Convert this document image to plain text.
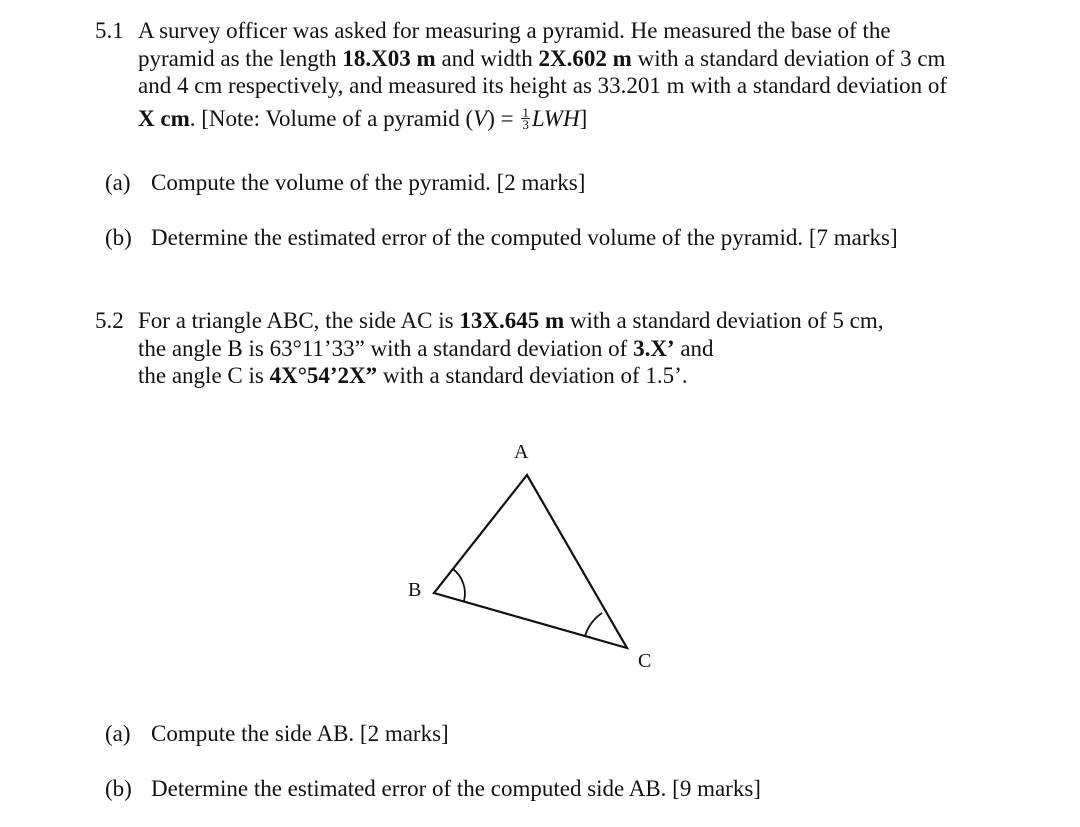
5.1 A survey officer was asked for measuring a pyramid. He measured the base of the
pyramid as the length 18.X03 m and width 2X.602 m with a standard deviation of 3 cm
and 4 cm respectively, and measured its height as 33.201 m with a standard deviation of
X cm. [Note: Volume of a pyramid $(V) = \frac{1}{3} LWH$]
(a) Compute the volume of the pyramid. [2 marks]
(b) Determine the estimated error of the computed volume of the pyramid. [7 marks]
5.2 For a triangle ABC, the side AC is 13X.645 m with a standard deviation of 5 cm,
the angle B is 63°11’33” with a standard deviation of 3.X’ and
the angle C is 4X°54’2X” with a standard deviation of 1.5’.
A
B
C
(a) Compute the side AB. [2 marks]
(b) Determine the estimated error of the computed side AB. [9 marks]
